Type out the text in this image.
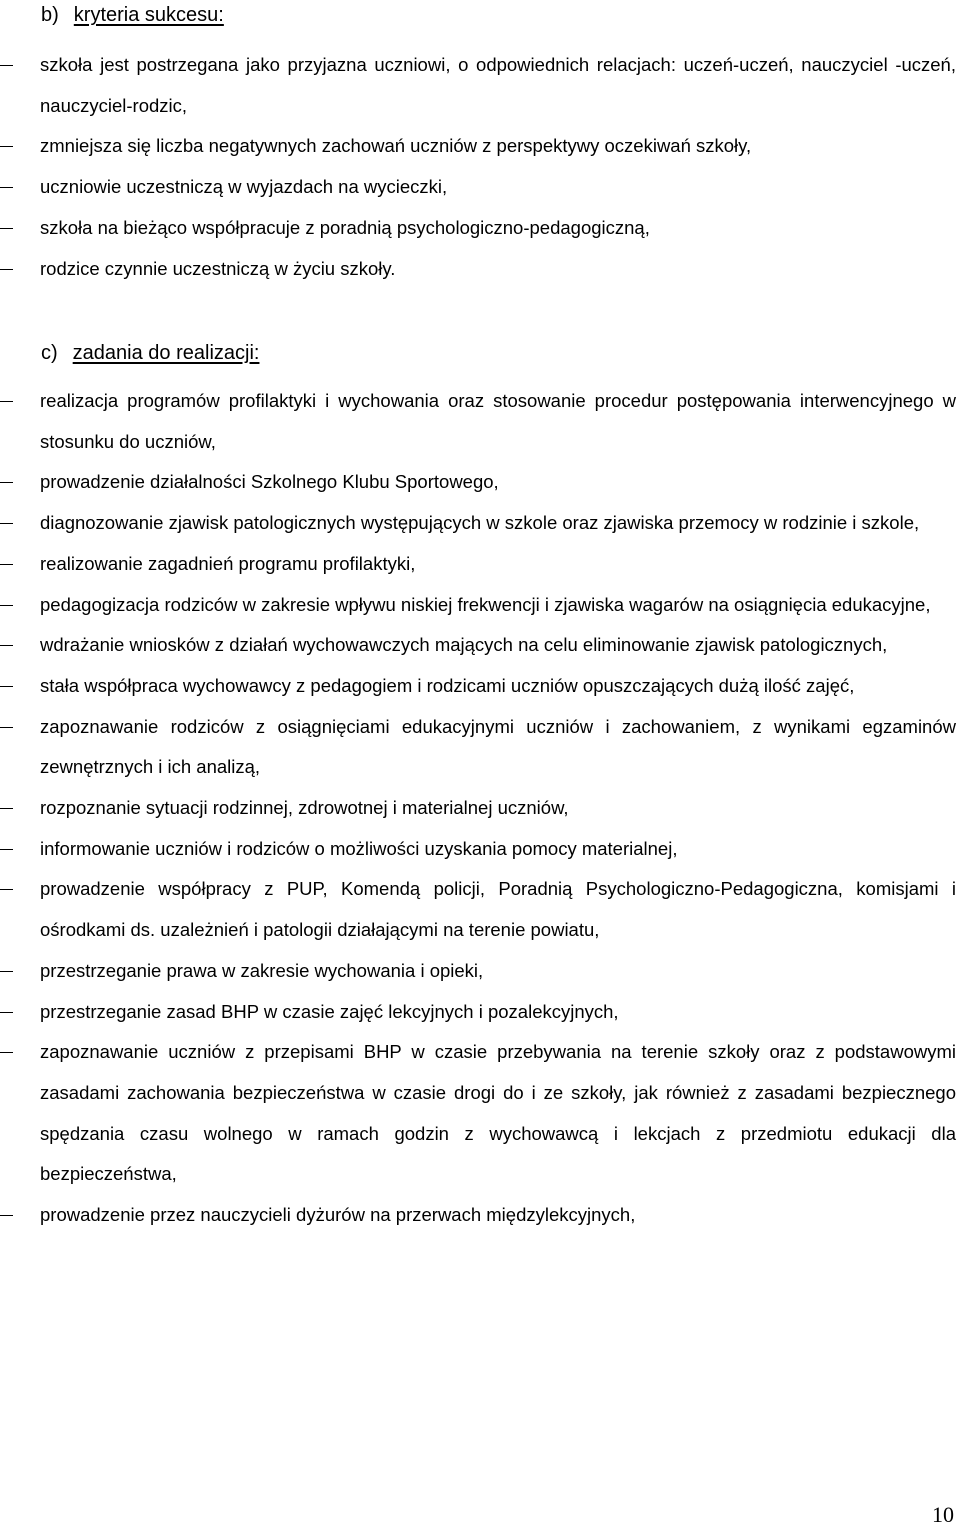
b) kryteria sukcesu:
szkoła jest postrzegana jako przyjazna uczniowi, o odpowiednich relacjach: uczeń-uczeń, nauczyciel -uczeń, nauczyciel-rodzic,
zmniejsza się liczba negatywnych zachowań uczniów z perspektywy oczekiwań szkoły,
uczniowie uczestniczą w wyjazdach na wycieczki,
szkoła na bieżąco współpracuje z poradnią psychologiczno-pedagogiczną,
rodzice czynnie uczestniczą w życiu szkoły.
c) zadania do realizacji:
realizacja programów profilaktyki i wychowania oraz stosowanie procedur postępowania interwencyjnego w stosunku do uczniów,
prowadzenie działalności Szkolnego Klubu Sportowego,
diagnozowanie zjawisk patologicznych występujących w szkole oraz zjawiska przemocy w rodzinie i szkole,
realizowanie zagadnień programu profilaktyki,
pedagogizacja rodziców w zakresie wpływu niskiej frekwencji i zjawiska wagarów na osiągnięcia edukacyjne,
wdrażanie wniosków z działań wychowawczych mających na celu eliminowanie zjawisk patologicznych,
stała współpraca wychowawcy z pedagogiem i rodzicami uczniów opuszczających dużą ilość zajęć,
zapoznawanie rodziców z osiągnięciami edukacyjnymi uczniów i zachowaniem, z wynikami egzaminów zewnętrznych i ich analizą,
rozpoznanie sytuacji rodzinnej, zdrowotnej i materialnej uczniów,
informowanie uczniów i rodziców o możliwości uzyskania pomocy materialnej,
prowadzenie współpracy z PUP, Komendą policji, Poradnią Psychologiczno-Pedagogiczna, komisjami i ośrodkami ds. uzależnień i patologii działającymi na terenie powiatu,
przestrzeganie prawa w zakresie wychowania i opieki,
przestrzeganie zasad BHP w czasie zajęć lekcyjnych i pozalekcyjnych,
zapoznawanie uczniów z przepisami BHP w czasie przebywania na terenie szkoły oraz z podstawowymi zasadami zachowania bezpieczeństwa w czasie drogi do i ze szkoły, jak również z zasadami bezpiecznego spędzania czasu wolnego w ramach godzin z wychowawcą i lekcjach z przedmiotu edukacji dla bezpieczeństwa,
prowadzenie przez nauczycieli dyżurów na przerwach międzylekcyjnych,
10
